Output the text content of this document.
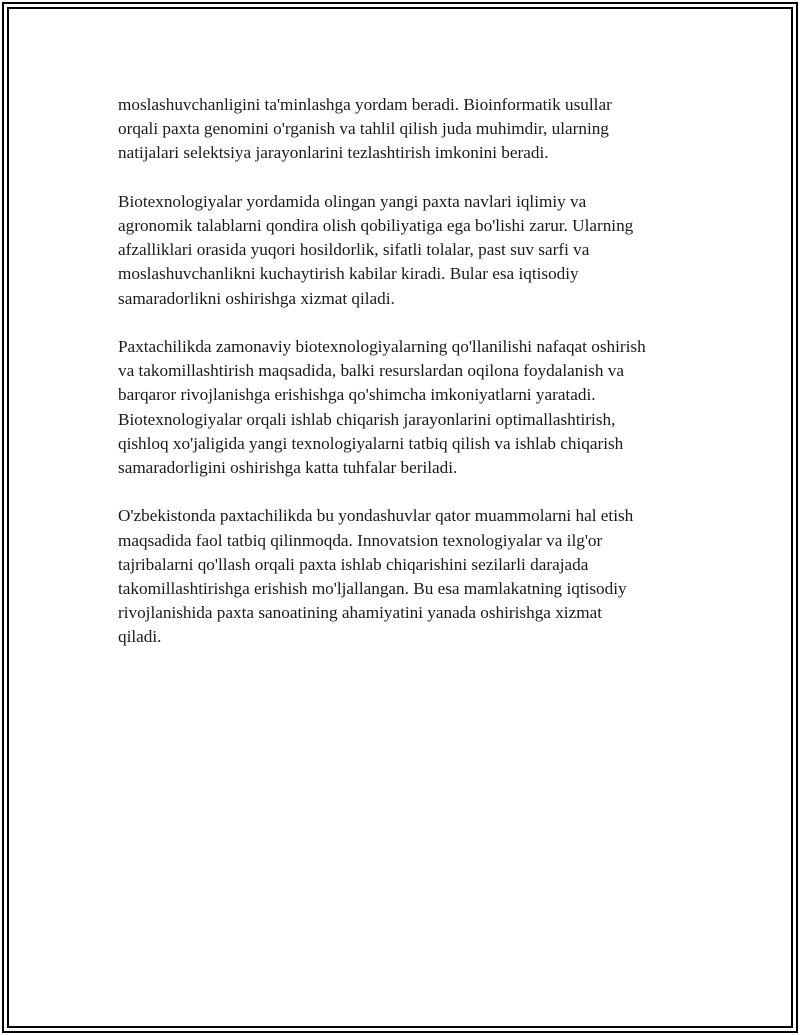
moslashuvchanligini ta'minlashga yordam beradi. Bioinformatik usullar
orqali paxta genomini o'rganish va tahlil qilish juda muhimdir, ularning
natijalari selektsiya jarayonlarini tezlashtirish imkonini beradi.
Biotexnologiyalar yordamida olingan yangi paxta navlari iqlimiy va
agronomik talablarni qondira olish qobiliyatiga ega bo'lishi zarur. Ularning
afzalliklari orasida yuqori hosildorlik, sifatli tolalar, past suv sarfi va
moslashuvchanlikni kuchaytirish kabilar kiradi. Bular esa iqtisodiy
samaradorlikni oshirishga xizmat qiladi.
Paxtachilikda zamonaviy biotexnologiyalarning qo'llanilishi nafaqat oshirish
va takomillashtirish maqsadida, balki resurslardan oqilona foydalanish va
barqaror rivojlanishga erishishga qo'shimcha imkoniyatlarni yaratadi.
Biotexnologiyalar orqali ishlab chiqarish jarayonlarini optimallashtirish,
qishloq xo'jaligida yangi texnologiyalarni tatbiq qilish va ishlab chiqarish
samaradorligini oshirishga katta tuhfalar beriladi.
O'zbekistonda paxtachilikda bu yondashuvlar qator muammolarni hal etish
maqsadida faol tatbiq qilinmoqda. Innovatsion texnologiyalar va ilg'or
tajribalarni qo'llash orqali paxta ishlab chiqarishini sezilarli darajada
takomillashtirishga erishish mo'ljallangan. Bu esa mamlakatning iqtisodiy
rivojlanishida paxta sanoatining ahamiyatini yanada oshirishga xizmat
qiladi.
